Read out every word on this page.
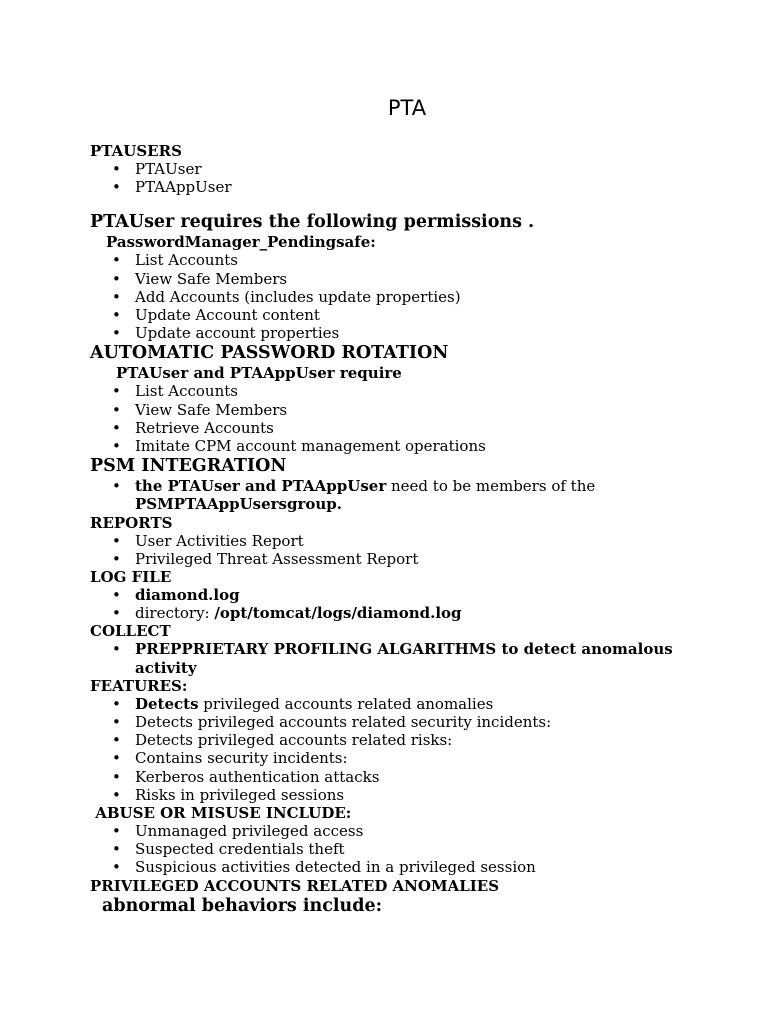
PTA
PTAUSERS
• PTAUser
• PTAAppUser
PTAUser requires the following permissions .
PasswordManager_Pendingsafe:
• List Accounts
• View Safe Members
• Add Accounts (includes update properties)
• Update Account content
• Update account properties
AUTOMATIC PASSWORD ROTATION
PTAUser and PTAAppUser require
• List Accounts
• View Safe Members
• Retrieve Accounts
• Imitate CPM account management operations
PSM INTEGRATION
• the PTAUser and PTAAppUser need to be members of the
PSMPTAAppUsersgroup.
REPORTS
• User Activities Report
• Privileged Threat Assessment Report
LOG FILE
• diamond.log
• directory: /opt/tomcat/logs/diamond.log
COLLECT
• PREPPRIETARY PROFILING ALGARITHMS to detect anomalous
activity
FEATURES:
• Detects privileged accounts related anomalies
• Detects privileged accounts related security incidents:
• Detects privileged accounts related risks:
• Contains security incidents:
• Kerberos authentication attacks
• Risks in privileged sessions
ABUSE OR MISUSE INCLUDE:
• Unmanaged privileged access
• Suspected credentials theft
• Suspicious activities detected in a privileged session
PRIVILEGED ACCOUNTS RELATED ANOMALIES
abnormal behaviors include:
